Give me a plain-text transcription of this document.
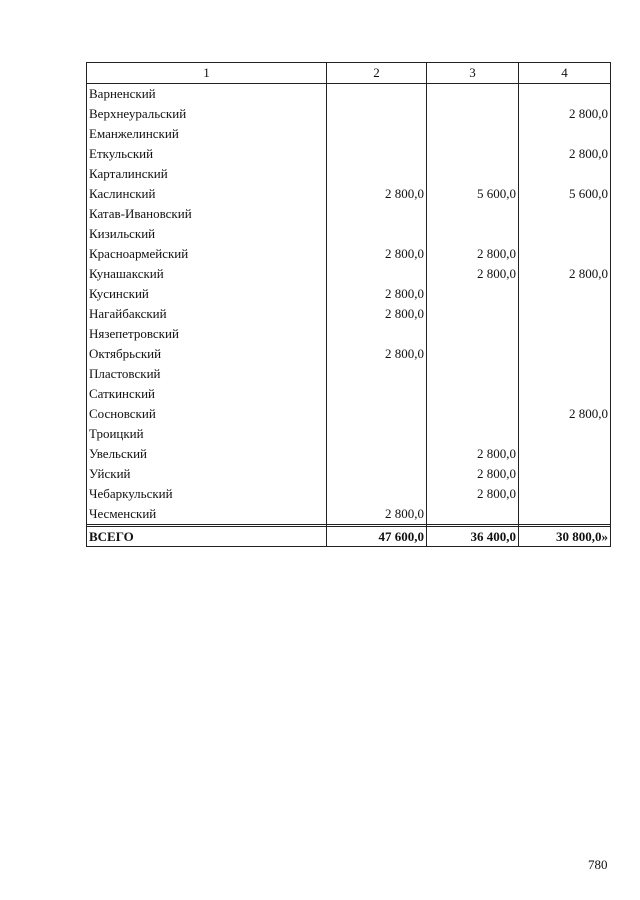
1	2	3	4
Варненский			
Верхнеуральский			2 800,0
Еманжелинский			
Еткульский			2 800,0
Карталинский			
Каслинский	2 800,0	5 600,0	5 600,0
Катав-Ивановский			
Кизильский			
Красноармейский	2 800,0	2 800,0	
Кунашакский		2 800,0	2 800,0
Кусинский	2 800,0		
Нагайбакский	2 800,0		
Нязепетровский			
Октябрьский	2 800,0		
Пластовский			
Саткинский			
Сосновский			2 800,0
Троицкий			
Увельский		2 800,0	
Уйский		2 800,0	
Чебаркульский		2 800,0	
Чесменский	2 800,0		

ВСЕГО	47 600,0	36 400,0	30 800,0»
780
